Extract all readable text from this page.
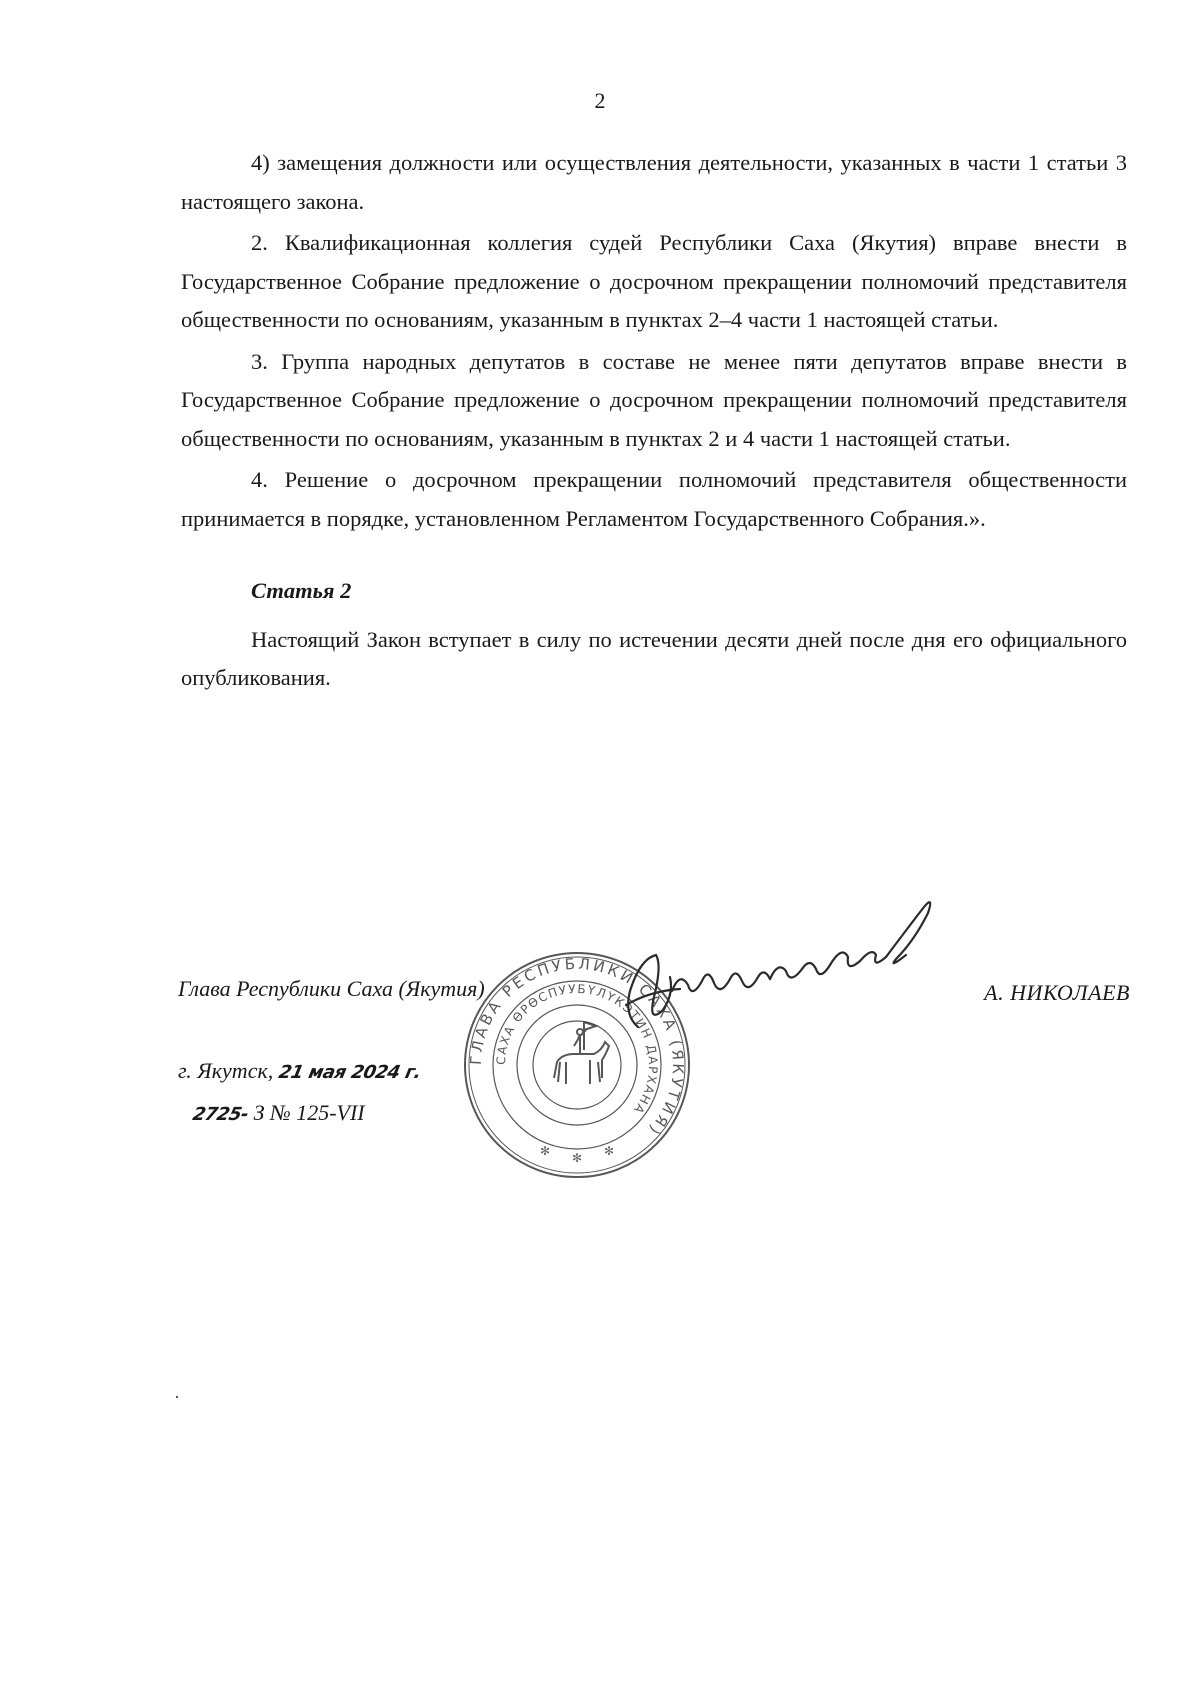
2

4) замещения должности или осуществления деятельности, указанных в части 1 статьи 3 настоящего закона.

2. Квалификационная коллегия судей Республики Саха (Якутия) вправе внести в Государственное Собрание предложение о досрочном прекращении полномочий представителя общественности по основаниям, указанным в пунктах 2–4 части 1 настоящей статьи.

3. Группа народных депутатов в составе не менее пяти депутатов вправе внести в Государственное Собрание предложение о досрочном прекращении полномочий представителя общественности по основаниям, указанным в пунктах 2 и 4 части 1 настоящей статьи.

4. Решение о досрочном прекращении полномочий представителя общественности принимается в порядке, установленном Регламентом Государственного Собрания.».

Статья 2

Настоящий Закон вступает в силу по истечении десяти дней после дня его официального опубликования.

Глава Республики Саха (Якутия)	А. НИКОЛАЕВ
г. Якутск, 21 мая 2024 г.
2725- З № 125-VII
ГЛАВА РЕСПУБЛИКИ САХА (ЯКУТИЯ)
САХА ӨРӨСПУУБҮЛҮКЭТИН ДАРХАНА
✻ ✻ ✻
